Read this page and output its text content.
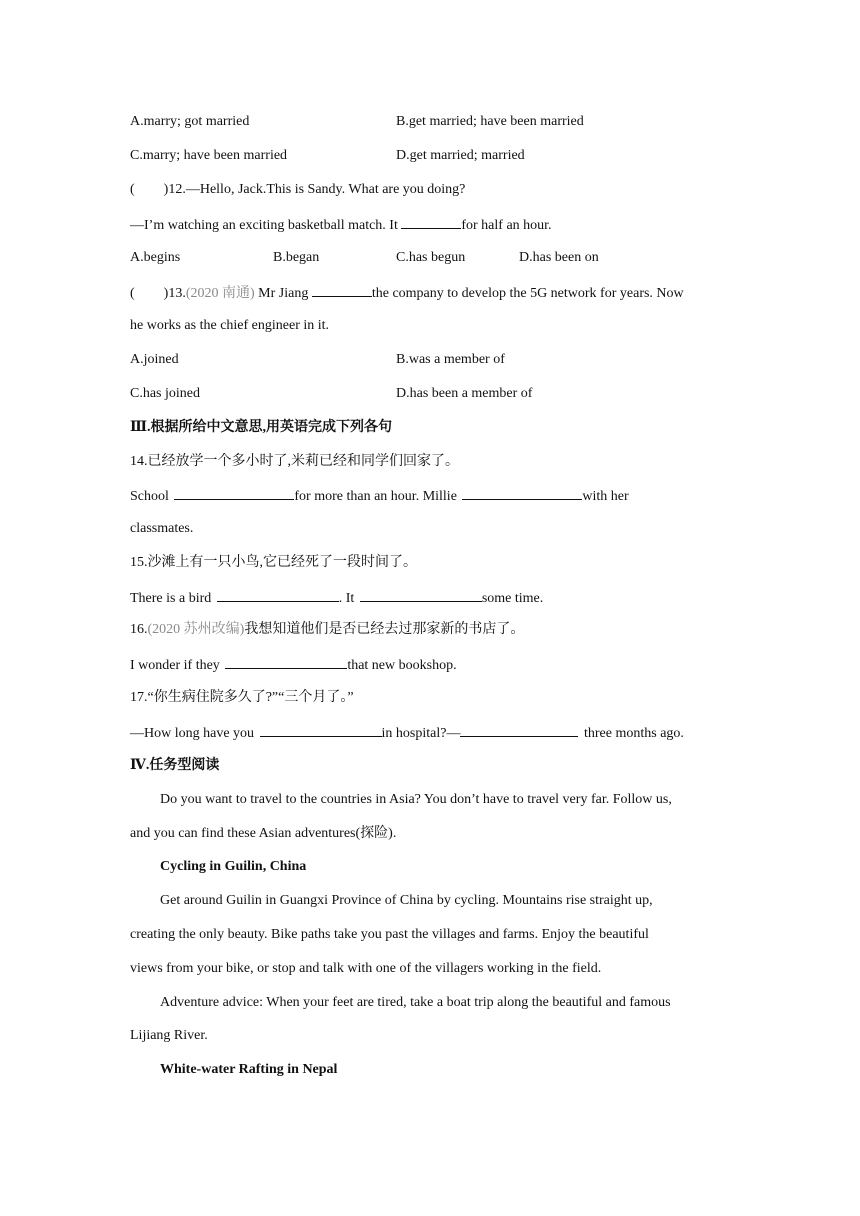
A.marry; got married	B.get married; have been married
C.marry; have been married	D.get married; married
( )12.—Hello, Jack.This is Sandy. What are you doing?
—I’m watching an exciting basketball match. It	for half an hour.
A.begins	B.began	C.has begun	D.has been on
( )13.(2020 南通) Mr Jiang	the company to develop the 5G network for years. Now
he works as the chief engineer in it.
A.joined	B.was a member of
C.has joined	D.has been a member of
Ⅲ.根据所给中文意思,用英语完成下列各句
14.已经放学一个多小时了,米莉已经和同学们回家了。
School	for more than an hour. Millie	with her
classmates.
15.沙滩上有一只小鸟,它已经死了一段时间了。
There is a bird	. It	some time.
16.(2020 苏州改编)我想知道他们是否已经去过那家新的书店了。
I wonder if they	that new bookshop.
17.“你生病住院多久了?”“三个月了。”
—How long have you	in hospital?—	three months ago.
Ⅳ.任务型阅读
Do you want to travel to the countries in Asia? You don’t have to travel very far. Follow us,
and you can find these Asian adventures(探险).
Cycling in Guilin, China
Get around Guilin in Guangxi Province of China by cycling. Mountains rise straight up,
creating the only beauty. Bike paths take you past the villages and farms. Enjoy the beautiful
views from your bike, or stop and talk with one of the villagers working in the field.
Adventure advice: When your feet are tired, take a boat trip along the beautiful and famous
Lijiang River.
White-water Rafting in Nepal
